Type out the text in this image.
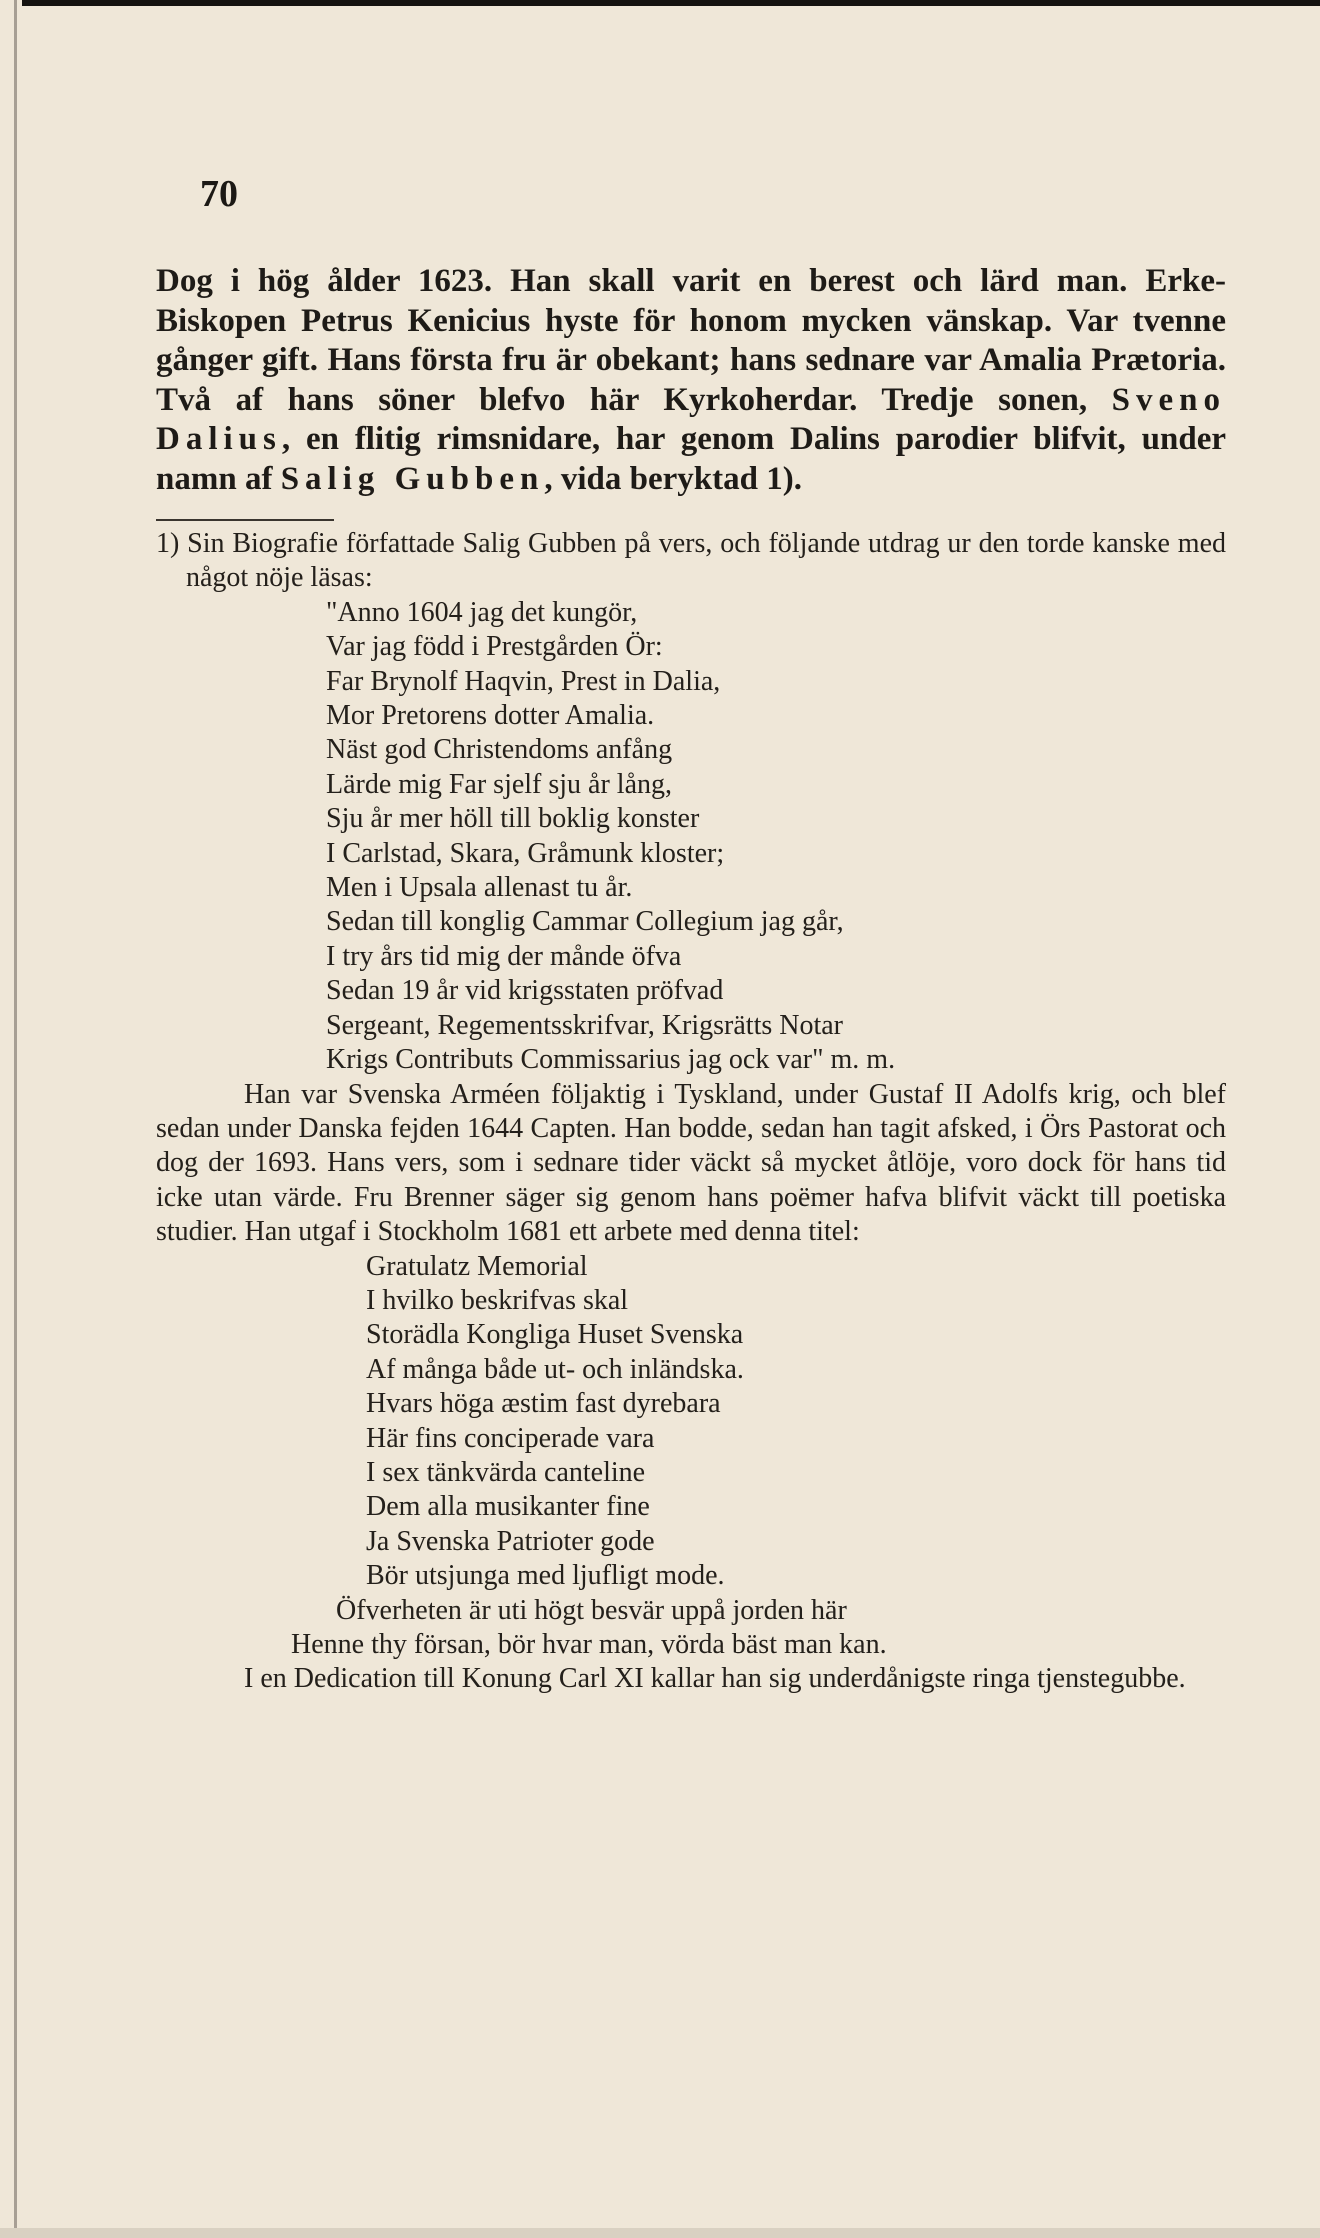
70

Dog i hög ålder 1623. Han skall varit en berest och lärd man. Erke-Biskopen Petrus Kenicius hyste för honom mycken vänskap. Var tvenne gånger gift. Hans första fru är obekant; hans sednare var Amalia Prætoria. Två af hans söner blefvo här Kyrkoherdar. Tredje sonen, Sveno Dalius, en flitig rimsnidare, har genom Dalins parodier blifvit, under namn af Salig Gubben, vida beryktad 1).

1) Sin Biografie författade Salig Gubben på vers, och följande utdrag ur den torde kanske med något nöje läsas:

"Anno 1604 jag det kungör,
Var jag född i Prestgården Ör:
Far Brynolf Haqvin, Prest in Dalia,
Mor Pretorens dotter Amalia.
Näst god Christendoms anfång
Lärde mig Far sjelf sju år lång,
Sju år mer höll till boklig konster
I Carlstad, Skara, Gråmunk kloster;
Men i Upsala allenast tu år.
Sedan till konglig Cammar Collegium jag går,
I try års tid mig der månde öfva
Sedan 19 år vid krigsstaten pröfvad
Sergeant, Regementsskrifvar, Krigsrätts Notar
Krigs Contributs Commissarius jag ock var" m. m.

Han var Svenska Arméen följaktig i Tyskland, under Gustaf II Adolfs krig, och blef sedan under Danska fejden 1644 Capten. Han bodde, sedan han tagit afsked, i Örs Pastorat och dog der 1693. Hans vers, som i sednare tider väckt så mycket åtlöje, voro dock för hans tid icke utan värde. Fru Brenner säger sig genom hans poëmer hafva blifvit väckt till poetiska studier. Han utgaf i Stockholm 1681 ett arbete med denna titel:

Gratulatz Memorial
I hvilko beskrifvas skal
Storädla Kongliga Huset Svenska
Af många både ut- och inländska.
Hvars höga æstim fast dyrebara
Här fins conciperade vara
I sex tänkvärda canteline
Dem alla musikanter fine
Ja Svenska Patrioter gode
Bör utsjunga med ljufligt mode.
Öfverheten är uti högt besvär uppå jorden här
Henne thy försan, bör hvar man, vörda bäst man kan.

I en Dedication till Konung Carl XI kallar han sig underdånigste ringa tjenstegubbe.
